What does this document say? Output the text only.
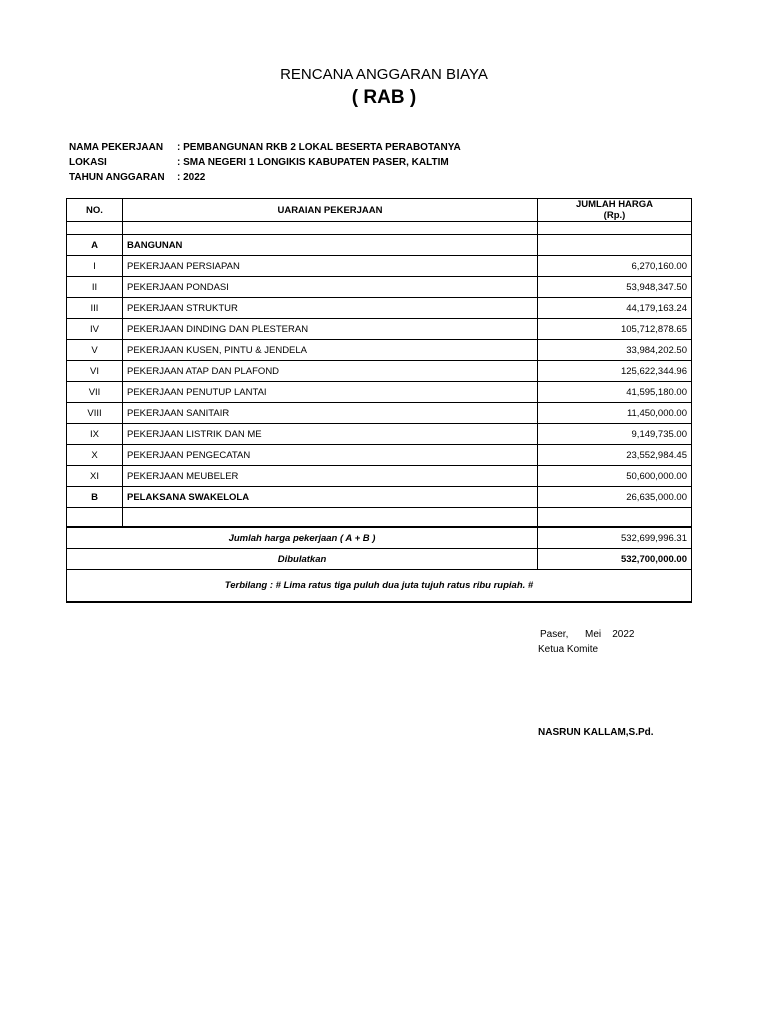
RENCANA ANGGARAN BIAYA
( RAB )
NAMA PEKERJAAN	: PEMBANGUNAN RKB 2 LOKAL BESERTA PERABOTANYA
LOKASI	: SMA NEGERI 1 LONGIKIS KABUPATEN PASER, KALTIM
TAHUN ANGGARAN	: 2022
NO.	UARAIAN PEKERJAAN	JUMLAH HARGA
(Rp.)

A	BANGUNAN	
I	PEKERJAAN PERSIAPAN	6,270,160.00
II	PEKERJAAN PONDASI	53,948,347.50
III	PEKERJAAN STRUKTUR	44,179,163.24
IV	PEKERJAAN DINDING DAN PLESTERAN	105,712,878.65
V	PEKERJAAN KUSEN, PINTU & JENDELA	33,984,202.50
VI	PEKERJAAN ATAP DAN PLAFOND	125,622,344.96
VII	PEKERJAAN PENUTUP LANTAI	41,595,180.00
VIII	PEKERJAAN SANITAIR	11,450,000.00
IX	PEKERJAAN LISTRIK DAN ME	9,149,735.00
X	PEKERJAAN PENGECATAN	23,552,984.45
XI	PEKERJAAN MEUBELER	50,600,000.00
B	PELAKSANA SWAKELOLA	26,635,000.00

Jumlah harga pekerjaan ( A + B )		532,699,996.31
Dibulatkan		532,700,000.00
Terbilang : # Lima ratus tiga puluh dua juta tujuh ratus ribu rupiah. #		
Paser,      Mei    2022
Ketua Komite
NASRUN KALLAM,S.Pd.
